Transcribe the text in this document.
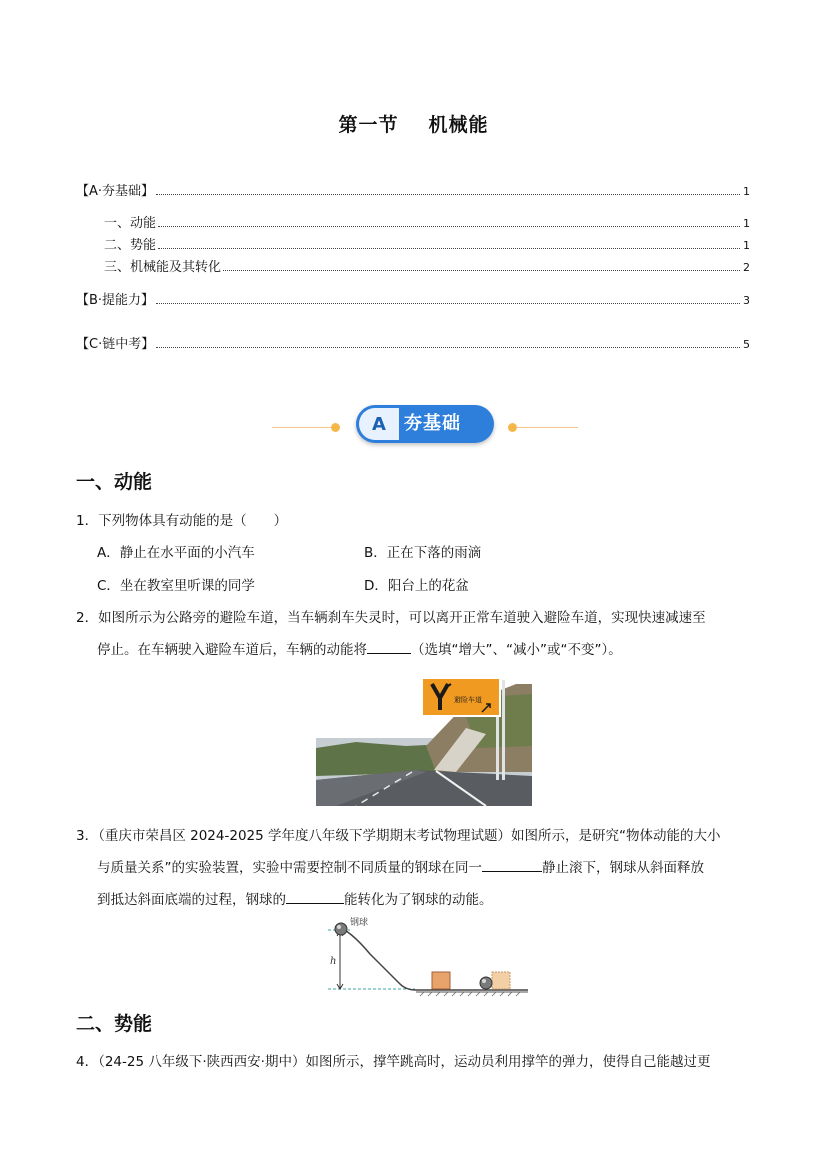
第一节 机械能
【A·夯基础】	1
一、动能	1
二、势能	1
三、机械能及其转化	2
【B·提能力】	3
【C·链中考】	5
A	夯基础
一、动能
1．下列物体具有动能的是（　　）
A．静止在水平面的小汽车	B．正在下落的雨滴
C．坐在教室里听课的同学	D．阳台上的花盆
2．如图所示为公路旁的避险车道，当车辆刹车失灵时，可以离开正常车道驶入避险车道，实现快速减速至
停止。在车辆驶入避险车道后，车辆的动能将	（选填“增大”、“减小”或“不变”）。
避险车道
3．（重庆市荣昌区 2024-2025 学年度八年级下学期期末考试物理试题）如图所示，是研究“物体动能的大小
与质量关系”的实验装置，实验中需要控制不同质量的钢球在同一	静止滚下，钢球从斜面释放
到抵达斜面底端的过程，钢球的	能转化为了钢球的动能。
h
钢球
二、势能
4．（24-25 八年级下·陕西西安·期中）如图所示，撑竿跳高时，运动员利用撑竿的弹力，使得自己能越过更
